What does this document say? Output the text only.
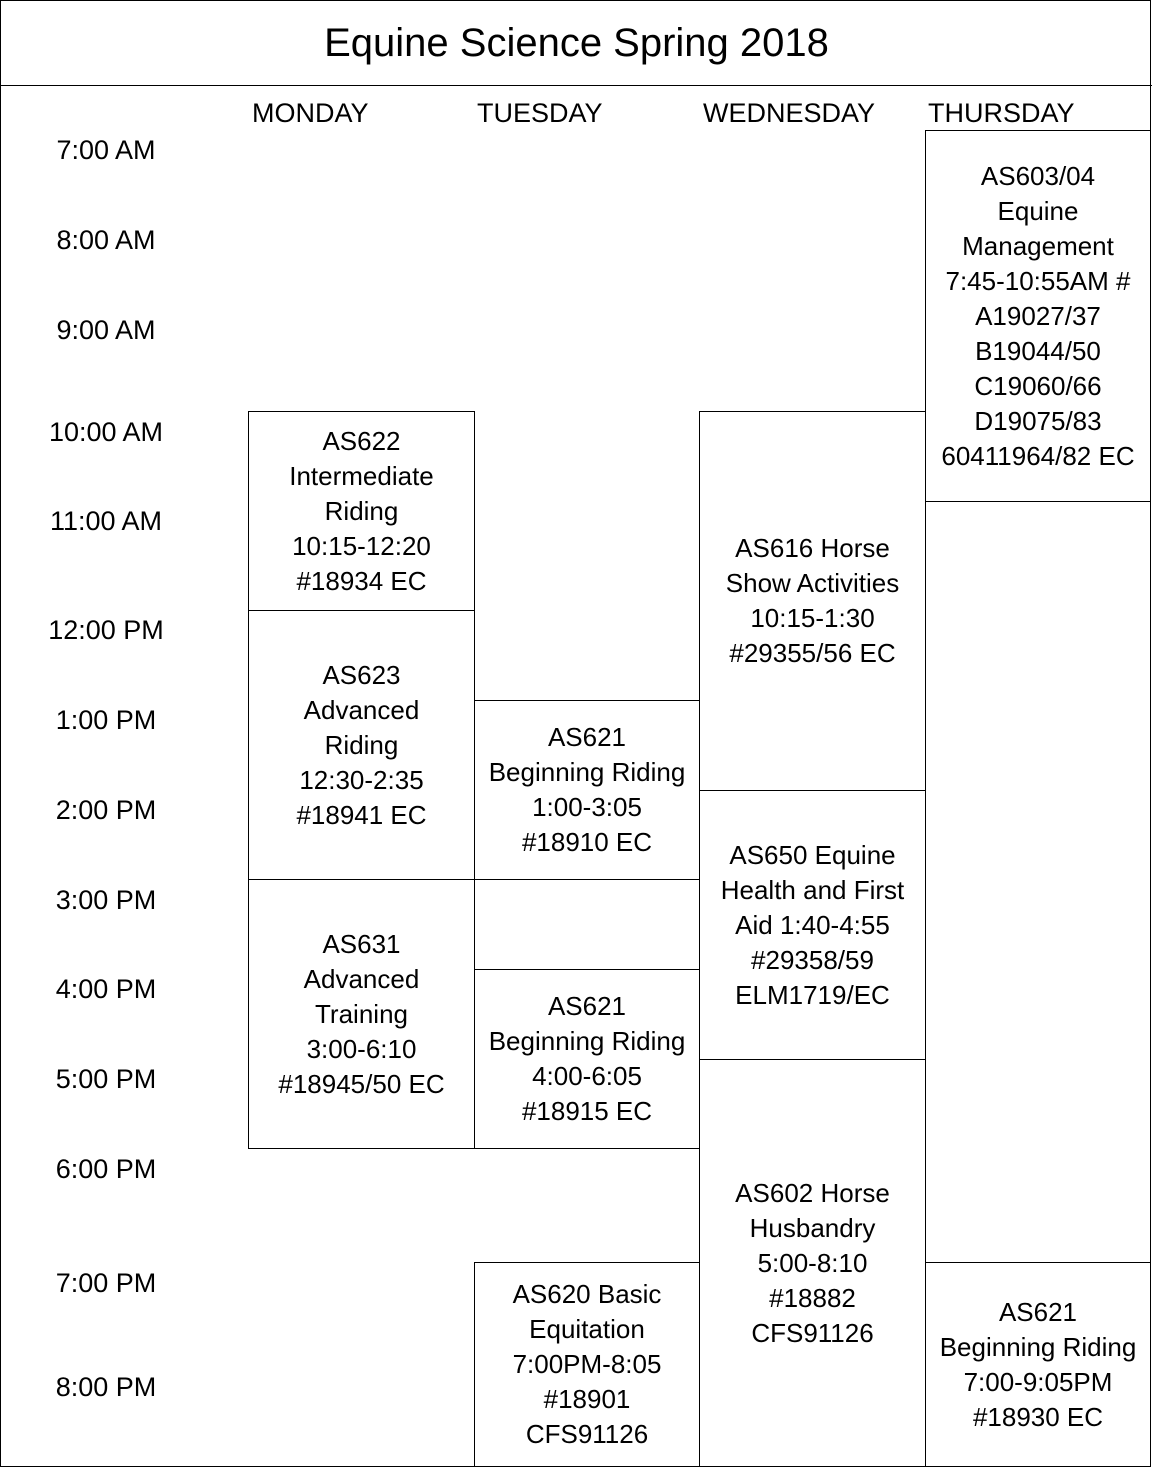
Equine Science Spring 2018
MONDAY	TUESDAY	WEDNESDAY THURSDAY
7:00 AM
8:00 AM
9:00 AM
10:00 AM
11:00 AM
12:00 PM
1:00 PM
2:00 PM
3:00 PM
4:00 PM
5:00 PM
6:00 PM
7:00 PM
8:00 PM
AS622
Intermediate
Riding
10:15-12:20
#18934 EC
AS623
Advanced
Riding
12:30-2:35
#18941 EC
AS631
Advanced
Training
3:00-6:10
#18945/50 EC
AS621
Beginning Riding
1:00-3:05
#18910 EC
AS621
Beginning Riding
4:00-6:05
#18915 EC
AS620 Basic
Equitation
7:00PM-8:05
#18901
CFS91126
AS616 Horse
Show Activities
10:15-1:30
#29355/56 EC
AS650 Equine
Health and First
Aid 1:40-4:55
#29358/59
ELM1719/EC
AS602 Horse
Husbandry
5:00-8:10
#18882
CFS91126
AS603/04
Equine
Management
7:45-10:55AM #
A19027/37
B19044/50
C19060/66
D19075/83
60411964/82 EC
AS621
Beginning Riding
7:00-9:05PM
#18930 EC
